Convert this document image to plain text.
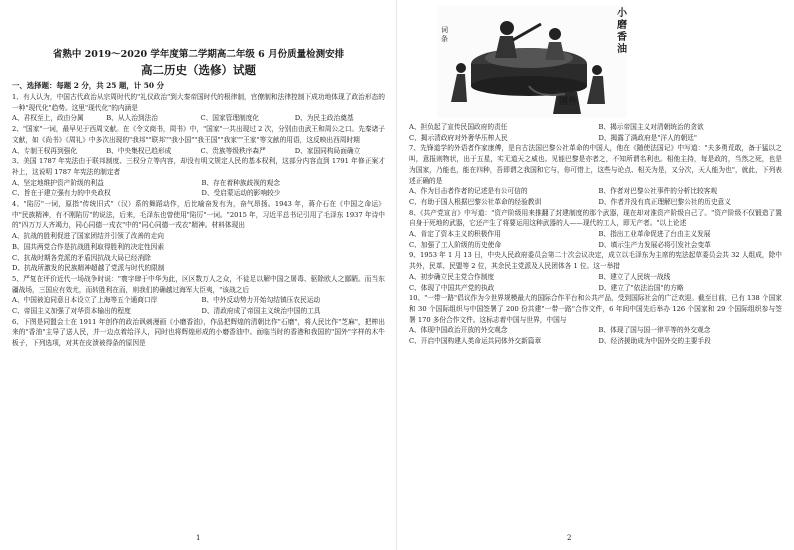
省熟中 2019～2020 学年度第二学期高二年级 6 月份质量检测安排

高二历史（选修）试题

一、选择题：每题 2 分，共 25 题，计 50 分

1、有人认为，中国古代政治从宗周时代的"礼仪政治"到大秦帝国时代的根律制，官僚制和法律控制下成功地体现了政治形态的一种"现代化"趋势。这里"现代化"的内涵是

A、君权至上，政由分属	B、从人治到法治	C、国家管理制度化	D、为民主政治奠基

2、"国家"一词，最早见于西周文献。在《令文商书，周书》中，"国家"一共出现过 2 次，分别由由武王和周公之口。先秦诸子文献，如《尚书》《周礼》中多次出现的"我邦""联邦""我小国""我王国""我家""王家"等文献的用语，这反映出西周时期

A、专制王权再到强化	B、中央集权已趋形成	C、贵族等级秩序森严	D、家国同构局面确立

3、美国 1787 年宪法由于联邦制度、三权分立等内容，却没有明文规定人民的基本权利，这部分内容直到 1791 年修正案才补上，这说明 1787 年宪法的制定者

A、坚定地维护资产阶级的利益	B、存在着种族歧视的观念

C、旨在于建立强有力的中央政权	D、受启蒙运动的影响较少

4、"陷厉"一词，原指"传统旧式"（汉）系的舞蹈动作，后比喻奋发有为，奋气昂扬。1943 年，蒋介石在《中国之命运》中"民族精神，有不刚陷厉"的说法，后来，毛泽东也曾使用"陷厉"一词。"2015 年，习近平总书记引用了毛泽东 1937 年诗中的"四万万人齐竭力，同心同德一戎衣"中的"同心同德一戎衣"精神。材料体现出

A、抗战的胜利促进了国家团结并引领了改善的走向

B、国共两党合作是抗战胜利取得胜利的决定性因素

C、抗战时期各党派的矛盾因抗战大局已经消除

D、抗战所激发的民族精神超越了党派与时代的限制

5、严复在评价近代一场战争时说："寰宇肆于中华为此，区区数万人之众，不徒足以解中国之屠毒、驱除欧人之鄙陋。而当东疆战场，三国应有效尤，而转胜利在而，则我们的确越过海军大臣夷，"该战之后

A、中国被迫同意日本设立了上海等五个通商口岸	B、中外反动势力开始勾结镇压农民运动

C、帝国主义加强了对华资本输出的程度	D、清政府成了帝国主义统治中国的工具

6、下图是同盟会士在 1911 年创作的政治讽刺漫画《小磨香油》，作品把辉煌的清朝比作"石磨"，将人民比作"芝麻"，把榨出来的"香油"主导了送人民，并一边点着给洋人，同时也将辉煌形成的小磨香油中。面临当时的香港和我国的"国外"字样的木牛板子，下列选项，对其在皮溃被得条的原因是

1
小磨香油
国外
词条

A、担负起了宣传民国政府的责任	B、揭示帝国主义对清朝统治的贪欲

C、揭示清政府对外奢华压榨人民	D、揭露了满政府是"洋人的朝廷"

7、先锋道学的外语者作家康傅，是自古法国巴黎公社革命的中国人，他在《随使法国记》中写道："夫多勇荒敢，备于猛以之叫，意报则物状，出于五星，实无道天之威也。见能巴黎是亦者之，不知所谓名利也。相他主持，每是政的，当然之死，也是为国家，乃能也，能在四种，吾即谓之我国和它与，你可惜上，这些与论点、相关为是，又分次，天人能为也"，就此，下列表述正确的是

A、作为目击者作者的记述是有公可信的	B、作者对巴黎公社事件的分析比较客观

C、有助于国人根据巴黎公社革命的经验教训	D、作者并没有真正理解巴黎公社的历史意义

8、《共产党宣言》中写道："资产阶级用来推翻了封建制度的那个武器，现在却对准资产阶级自己了。"资产阶级不仅锻造了置自身于死地的武器，它还产生了将要运用这种武器的人——现代的工人，即无产者。"以上论述

A、肯定了资本主义的积极作用	B、指出工业革命促进了台由主义发展

C、加强了工人阶级的历史使命	D、填示生产力发展必将引发社会变革

9、1953 年 1 月 13 日，中央人民政府委员会第二十次会议决定，成立以毛泽东为主席的宪法起草委员会共 32 人组成，除中共外，民革、民盟等 2 位，其余民主党派及人民团体各 1 位。这一举措

A、初步确立民主党合作制度	B、建立了人民统一战线

C、体现了中国共产党的执政	D、建立了"依法治国"的方略

10、"一带一路"倡议作为今世界规模最大的国际合作平台和公共产品，受到国际社会的广泛欢迎。截至目前，已有 138 个国家和 30 个国际组织与中国签署了 200 份共建"一带一路"合作文件，6 年间中国先后举办 126 个国家和 29 个国际组织参与签署 170 多份合作文件。这标志着中国与世界，中国与

A、体现中国政治开放的外交观念	B、体现了国与国一律平等的外交观念

C、开启中国构建人类命运共同体外交新篇章	D、经济援助成为中国外交的主要手段

2
